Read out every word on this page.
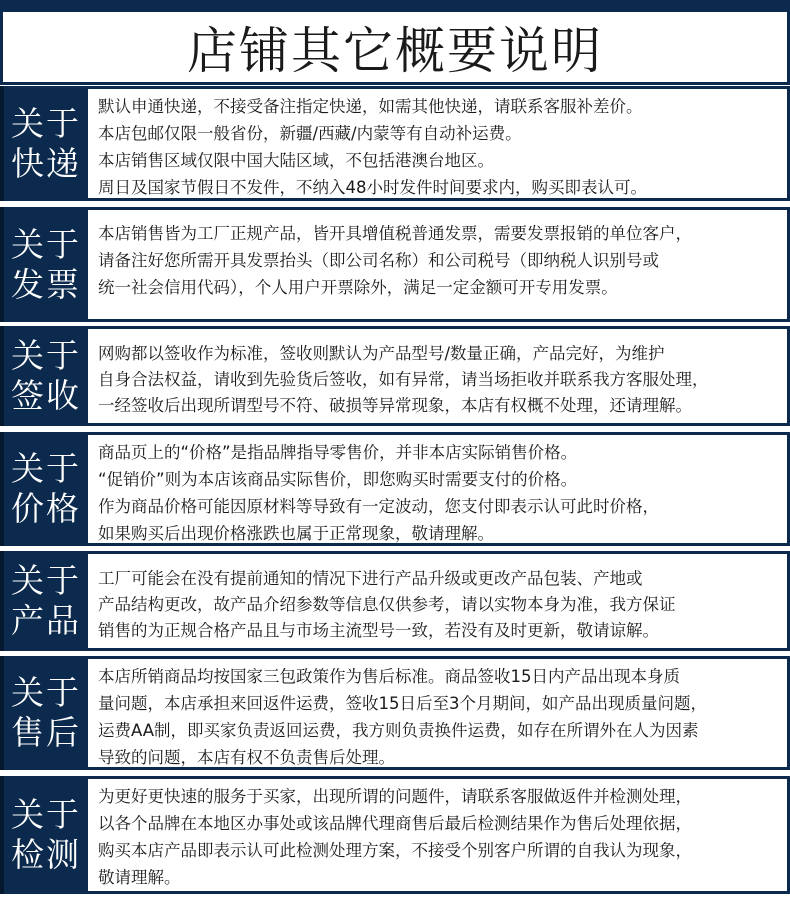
店铺其它概要说明
关于
快递

默认申通快递，不接受备注指定快递，如需其他快递，请联系客服补差价。

本店包邮仅限一般省份，新疆/西藏/内蒙等有自动补运费。

本店销售区域仅限中国大陆区域，不包括港澳台地区。

周日及国家节假日不发件，不纳入48小时发件时间要求内，购买即表认可。

关于
发票

本店销售皆为工厂正规产品，皆开具增值税普通发票，需要发票报销的单位客户，

请备注好您所需开具发票抬头（即公司名称）和公司税号（即纳税人识别号或

统一社会信用代码），个人用户开票除外，满足一定金额可开专用发票。

关于
签收

网购都以签收作为标准，签收则默认为产品型号/数量正确，产品完好，为维护

自身合法权益，请收到先验货后签收，如有异常，请当场拒收并联系我方客服处理，

一经签收后出现所谓型号不符、破损等异常现象，本店有权概不处理，还请理解。

关于
价格

商品页上的“价格”是指品牌指导零售价，并非本店实际销售价格。

“促销价”则为本店该商品实际售价，即您购买时需要支付的价格。

作为商品价格可能因原材料等导致有一定波动，您支付即表示认可此时价格，

如果购买后出现价格涨跌也属于正常现象，敬请理解。

关于
产品

工厂可能会在没有提前通知的情况下进行产品升级或更改产品包装、产地或

产品结构更改，故产品介绍参数等信息仅供参考，请以实物本身为准，我方保证

销售的为正规合格产品且与市场主流型号一致，若没有及时更新，敬请谅解。

关于
售后

本店所销商品均按国家三包政策作为售后标准。商品签收15日内产品出现本身质

量问题，本店承担来回返件运费，签收15日后至3个月期间，如产品出现质量问题，

运费AA制，即买家负责返回运费，我方则负责换件运费，如存在所谓外在人为因素

导致的问题，本店有权不负责售后处理。

关于
检测

为更好更快速的服务于买家，出现所谓的问题件，请联系客服做返件并检测处理，

以各个品牌在本地区办事处或该品牌代理商售后最后检测结果作为售后处理依据，

购买本店产品即表示认可此检测处理方案，不接受个别客户所谓的自我认为现象，

敬请理解。
